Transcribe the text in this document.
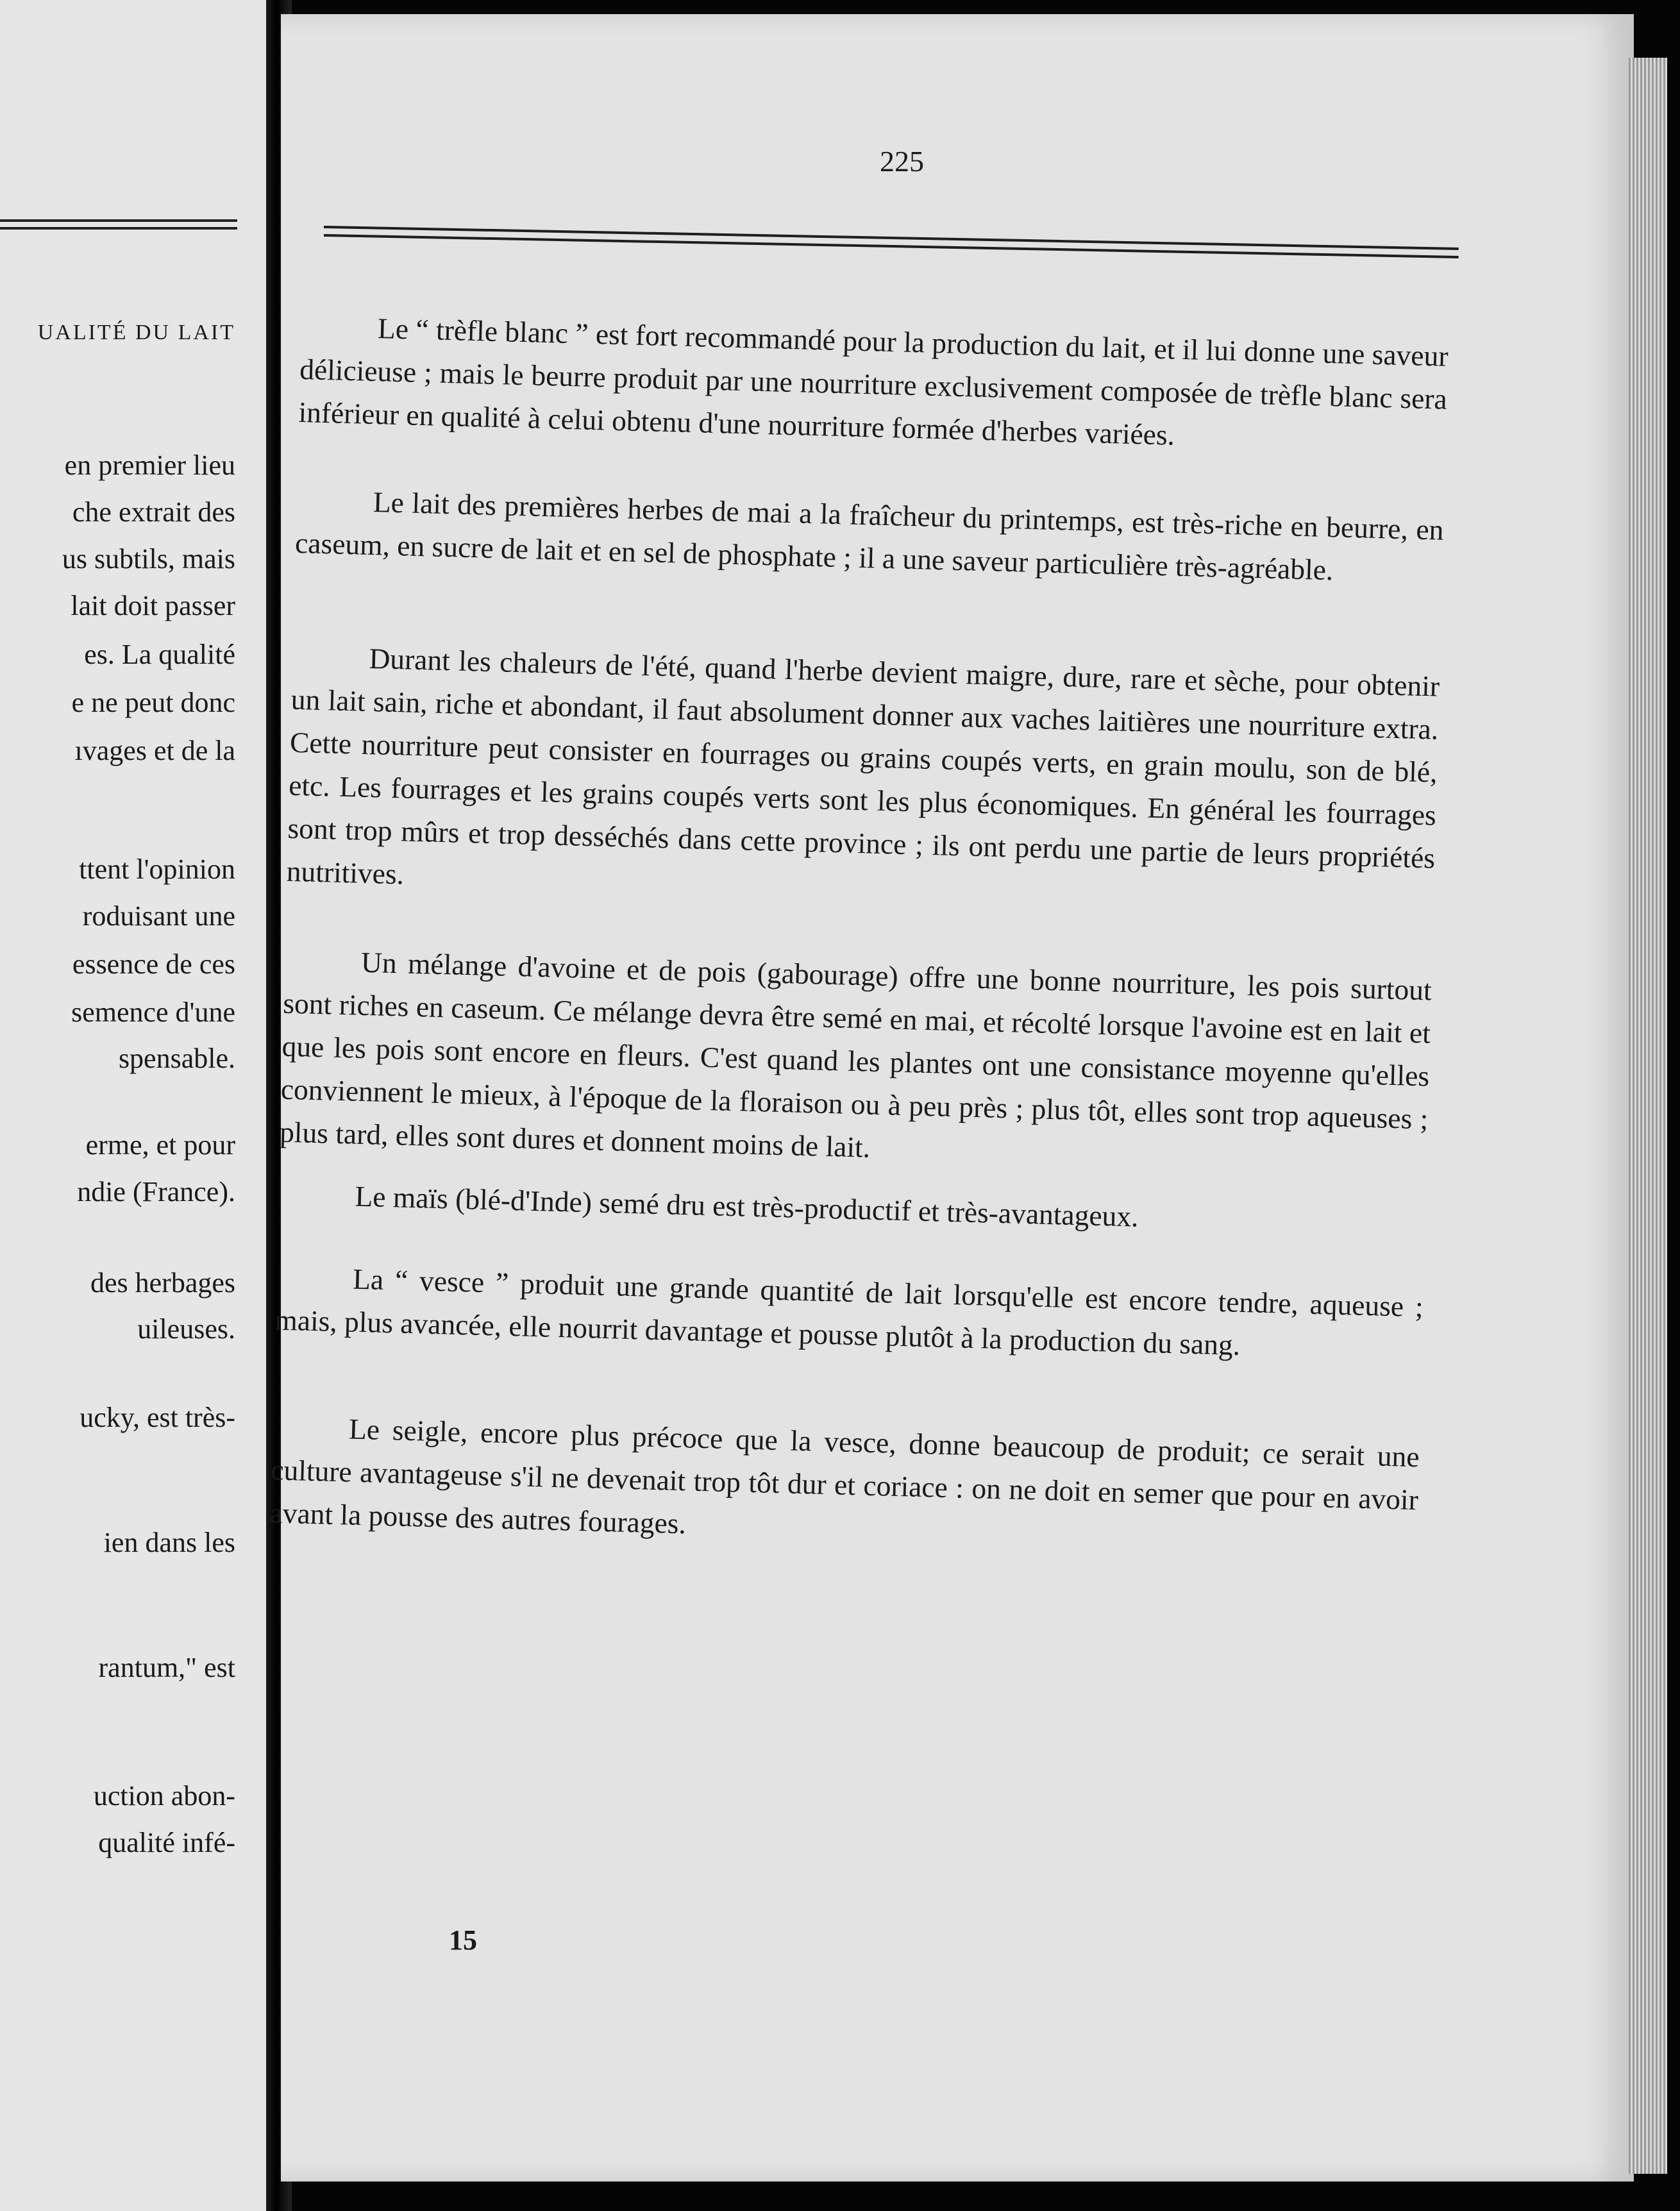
UALITÉ DU LAIT
en premier lieu
che extrait des
us subtils, mais
lait doit passer
es. La qualité
e ne peut donc
ıvages et de la
ttent l'opinion
roduisant une
essence de ces
semence d'une
spensable.
erme, et pour
ndie (France).
des herbages
uileuses.
ucky, est très-
ien dans les
rantum," est
uction abon-
qualité infé-
225

Le “ trèfle blanc ” est fort recommandé pour la production du lait, et il lui donne une saveur délicieuse ; mais le beurre produit par une nourriture exclusivement composée de trèfle blanc sera inférieur en qualité à celui obtenu d'une nourriture formée d'herbes variées.

Le lait des premières herbes de mai a la fraîcheur du printemps, est très-riche en beurre, en caseum, en sucre de lait et en sel de phosphate ; il a une saveur particulière très-agréable.

Durant les chaleurs de l'été, quand l'herbe devient maigre, dure, rare et sèche, pour obtenir un lait sain, riche et abondant, il faut absolument donner aux vaches laitières une nourriture extra. Cette nourriture peut consister en fourrages ou grains coupés verts, en grain moulu, son de blé, etc. Les fourrages et les grains coupés verts sont les plus économiques. En général les fourrages sont trop mûrs et trop desséchés dans cette province ; ils ont perdu une partie de leurs propriétés nutritives.

Un mélange d'avoine et de pois (gabourage) offre une bonne nourriture, les pois surtout sont riches en caseum. Ce mélange devra être semé en mai, et récolté lorsque l'avoine est en lait et que les pois sont encore en fleurs. C'est quand les plantes ont une consistance moyenne qu'elles conviennent le mieux, à l'époque de la floraison ou à peu près ; plus tôt, elles sont trop aqueuses ; plus tard, elles sont dures et donnent moins de lait.

Le maïs (blé-d'Inde) semé dru est très-productif et très-avantageux.

La “ vesce ” produit une grande quantité de lait lorsqu'elle est encore tendre, aqueuse ; mais, plus avancée, elle nourrit davantage et pousse plutôt à la production du sang.

Le seigle, encore plus précoce que la vesce, donne beaucoup de produit; ce serait une culture avantageuse s'il ne devenait trop tôt dur et coriace : on ne doit en semer que pour en avoir avant la pousse des autres fourages.

15
